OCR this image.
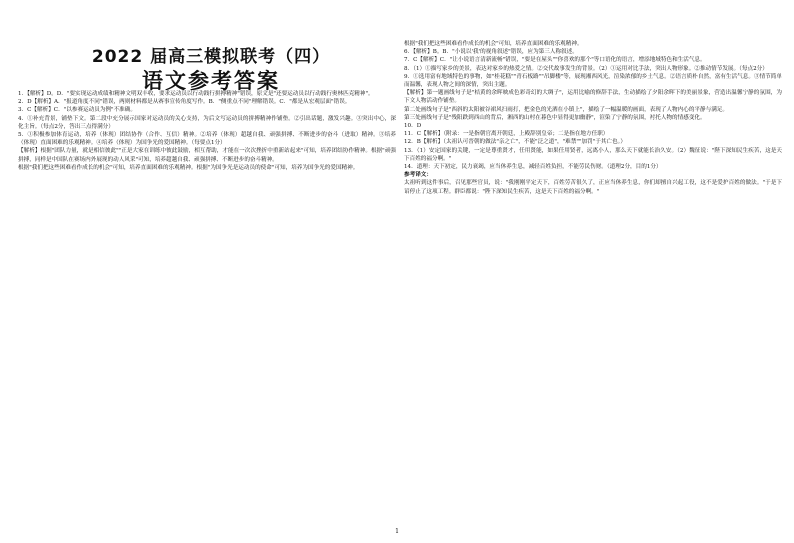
2022 届高三模拟联考（四）
语文参考答案

1．【解析】D。D．"要实现运动成绩和精神文明双丰收，要求运动员以行动践行拼搏精神"错误，原文是"还要运动员以行动践行奥林匹克精神"。

2．D【解析】A．"报道角度不同"错误，两则材料都是从赛事宣传角度写作。B．"侧重点不同"理解错误。C．"都是从宏观层面"错误。

3．C【解析】C．"以参赛运动员为例"不准确。

4．①补充背景，铺垫下文。第二段中充分展示国家对运动员的关心支持，为后文写运动员的拼搏精神作铺垫。②引出话题，激发兴趣。③突出中心，深化主旨。（每点2分，答出三点得满分）

5．①积极参加体育运动，培养（体现）团结协作（合作、互信）精神。②培养（体现）超越自我、顽强拼搏、不断进步的奋斗（进取）精神。③培养（体现）直面困难的乐观精神。④培养（体现）为国争光的爱国精神。（每要点1分）

【解析】根据"团队力量，就是相信彼此""正是大家在训练中彼此鼓励，相互帮助，才能在一次次挫折中重新站起来"可知，培养团结协作精神。根据"顽强拼搏，同样是中国队在赛场内外展现的动人风采"可知，培养超越自我、顽强拼搏、不断进步的奋斗精神。

根据"我们把这些困难看作成长的机会"可知，培养直面困难的乐观精神。根据"为国争光是运动员的使命"可知，培养为国争光的爱国精神。

根据"我们把这些困难看作成长的机会"可知，培养直面困难的乐观精神。

6．【解析】B。B．"小说以'我'的视角叙述"错误，应为第三人称叙述。

7．C【解析】C．"让小说语言清新流畅"错误，"要是在屋头""你喜欢的那个"等口语化的语言，增添地域特色和生活气息。

8．（1）①描写家乡的美景，表达对家乡的热爱之情。②交代故事发生的背景。（2）①运用对比手法，突出人物形象。②推动情节发展。（每点2分）

9．①选用富有地域特色的事物，如"桂花糕""青石板路""吊脚楼"等，展现湘西风光，渲染浓郁的乡土气息。②语言质朴自然，富有生活气息。③情节简单而温馨，表现人物之间的深情，突出主题。

【解析】第一题画线句子是"桔黄的余晖映成色彩奇幻的大绸子"，运用比喻的修辞手法，生动描绘了夕阳余晖下的美丽景象，营造出温馨宁静的氛围，为下文人物活动作铺垫。

第二处画线句子是"西斜的太阳被谷裙风扫雨打，把金色的光洒在小镇上"，描绘了一幅温暖的画面，表现了人物内心的平静与满足。

第三处画线句子是"残阳跌到西山的背后，湘西的山村在暮色中显得更加幽静"，渲染了宁静的氛围，衬托人物的情感变化。

10．D

11．C【解析】（附录：一是指朝官离开朝廷，上殿辞别皇帝；二是指在地方任职）

12．B【解析】（太祖认可晋朝的做法"亲之亡"，不能"泛之道"，"难禁""加罚"于其亡也。）

13．（1）安定国家的关键，一定是尊重贤才，任用贤能，如果任用贤者，远离小人，那么天下就能长治久安。（2）魏征说："陛下深知民生疾苦，这是天下百姓的福分啊。"

14．道理：天下初定，民力衰竭，应当休养生息，减轻百姓负担，不能劳民伤财。（道理2分，目的1分）

参考译文：

太祖听到这件事后，召见那些官员，说："我刚刚平定天下，百姓劳苦很久了，正应当休养生息，你们却擅自兴起工役，这不是爱护百姓的做法。"于是下诏停止了这项工程。群臣都说："陛下深知民生疾苦，这是天下百姓的福分啊。"

1
